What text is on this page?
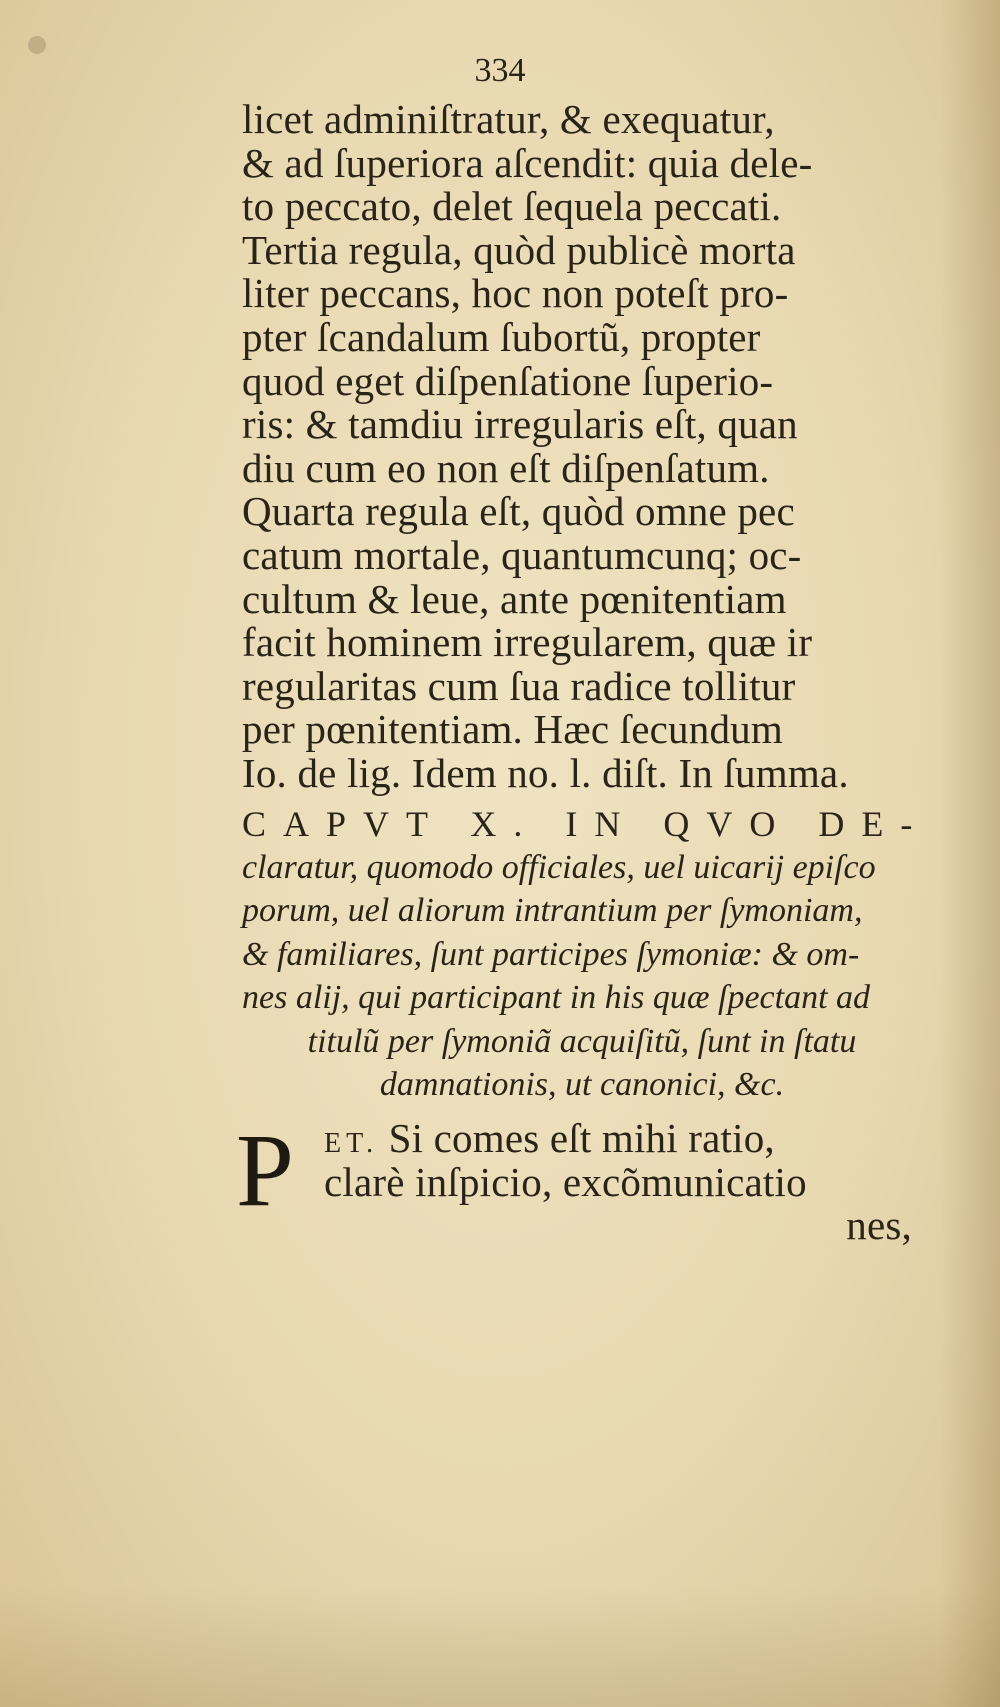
334
licet adminiſtratur, & exequatur,
& ad ſuperiora aſcendit: quia dele-
to peccato, delet ſequela peccati.
Tertia regula, quòd publicè morta
liter peccans, hoc non poteſt pro-
pter ſcandalum ſubortũ, propter
quod eget diſpenſatione ſuperio-
ris: & tamdiu irregularis eſt, quan
diu cum eo non eſt diſpenſatum.
Quarta regula eſt, quòd omne pec
catum mortale, quantumcunq; oc-
cultum & leue, ante pœnitentiam
facit hominem irregularem, quæ ir
regularitas cum ſua radice tollitur
per pœnitentiam. Hæc ſecundum
Io. de lig. Idem no. l. diſt. In ſumma.
CAPVT X. IN QVO DE-
claratur, quomodo officiales, uel uicarij epiſco
porum, uel aliorum intrantium per ſymoniam,
& familiares, ſunt participes ſymoniæ: & om-
nes alij, qui participant in his quæ ſpectant ad
titulũ per ſymoniã acquiſitũ, ſunt in ſtatu
damnationis, ut canonici, &c.
P	ET. Si comes eſt mihi ratio,
clarè inſpicio, excõmunicatio
nes,
